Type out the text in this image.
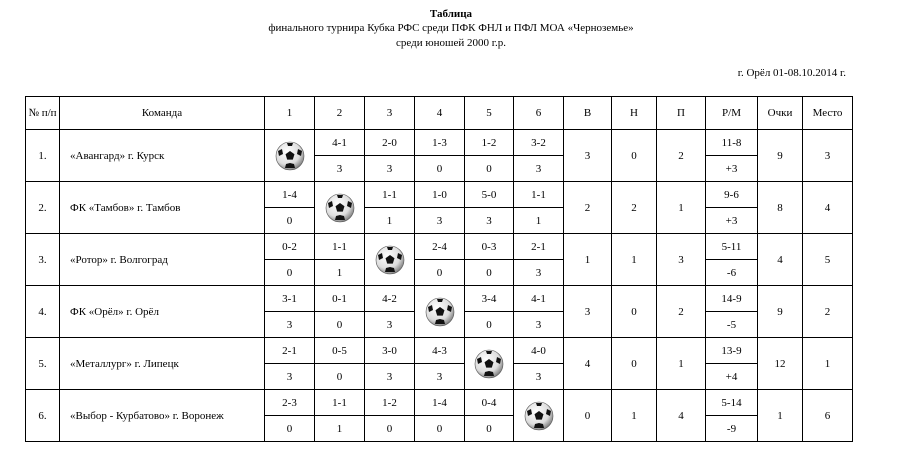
Таблица
финального турнира Кубка РФС среди ПФК ФНЛ и ПФЛ МОА «Черноземье»
среди юношей 2000 г.р.
г. Орёл 01-08.10.2014 г.
№ п/п	Команда	1	2	3	4	5	6	В	Н	П	Р/М	Очки	Место
1.	«Авангард» г. Курск		4-1	2-0	1-3	1-2	3-2	3	0	2	11-8	9	3
			3	3	0	0	3				+3		
2.	ФК «Тамбов» г. Тамбов	1-4		1-1	1-0	5-0	1-1	2	2	1	9-6	8	4
		0		1	3	3	1				+3		
3.	«Ротор» г. Волгоград	0-2	1-1		2-4	0-3	2-1	1	1	3	5-11	4	5
		0	1		0	0	3				-6		
4.	ФК «Орёл» г. Орёл	3-1	0-1	4-2		3-4	4-1	3	0	2	14-9	9	2
		3	0	3		0	3				-5		
5.	«Металлург» г. Липецк	2-1	0-5	3-0	4-3		4-0	4	0	1	13-9	12	1
		3	0	3	3		3				+4		
6.	«Выбор - Курбатово» г. Воронеж	2-3	1-1	1-2	1-4	0-4		0	1	4	5-14	1	6
		0	1	0	0	0					-9		
